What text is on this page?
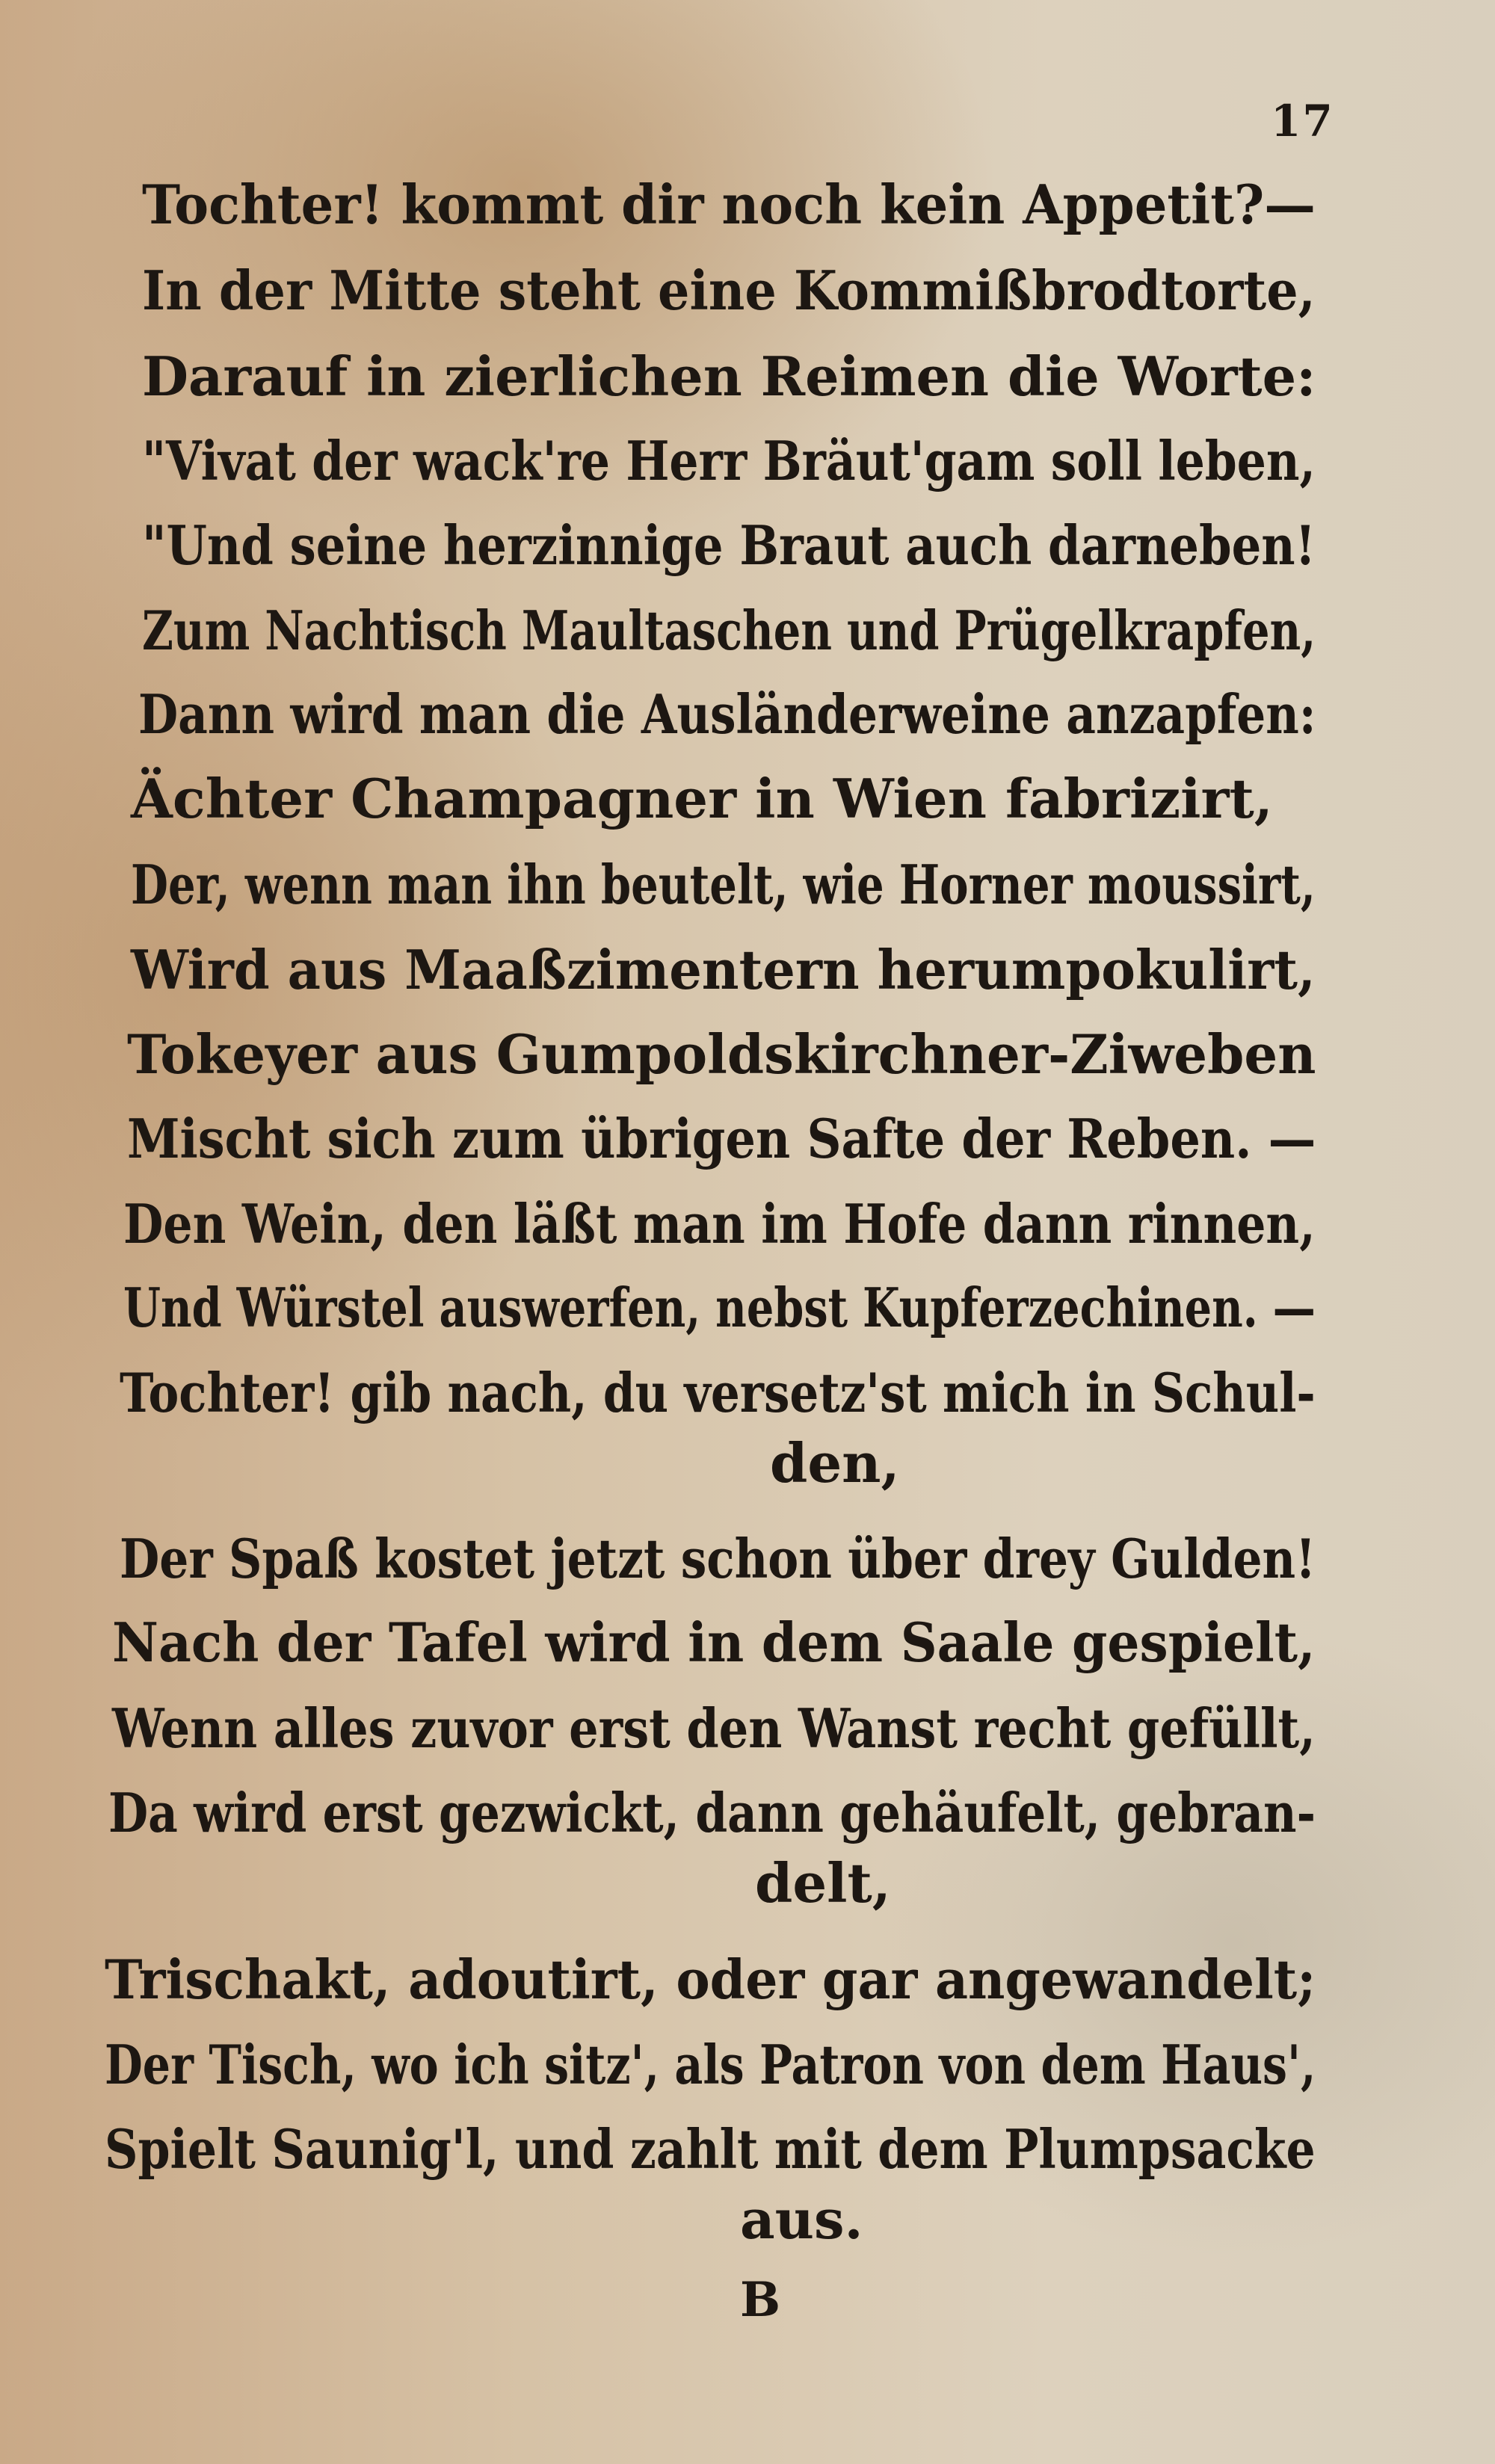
17
Tochter! kommt dir noch kein Appetit?—
In der Mitte steht eine Kommißbrodtorte,
Darauf in zierlichen Reimen die Worte:
"Vivat der wack're Herr Bräut'gam soll leben,
"Und seine herzinnige Braut auch darneben!
Zum Nachtisch Maultaschen und Prügelkrapfen,
Dann wird man die Ausländerweine anzapfen:
Ächter Champagner in Wien fabrizirt,
Der, wenn man ihn beutelt, wie Horner moussirt,
Wird aus Maaßzimentern herumpokulirt,
Tokeyer aus Gumpoldskirchner-Ziweben
Mischt sich zum übrigen Safte der Reben. —
Den Wein, den läßt man im Hofe dann rinnen,
Und Würstel auswerfen, nebst Kupferzechinen. —
Tochter! gib nach, du versetz'st mich in Schul-
den,
Der Spaß kostet jetzt schon über drey Gulden!
Nach der Tafel wird in dem Saale gespielt,
Wenn alles zuvor erst den Wanst recht gefüllt,
Da wird erst gezwickt, dann gehäufelt, gebran-
delt,
Trischakt, adoutirt, oder gar angewandelt;
Der Tisch, wo ich sitz', als Patron von dem Haus',
Spielt Saunig'l, und zahlt mit dem Plumpsacke
aus.
B
